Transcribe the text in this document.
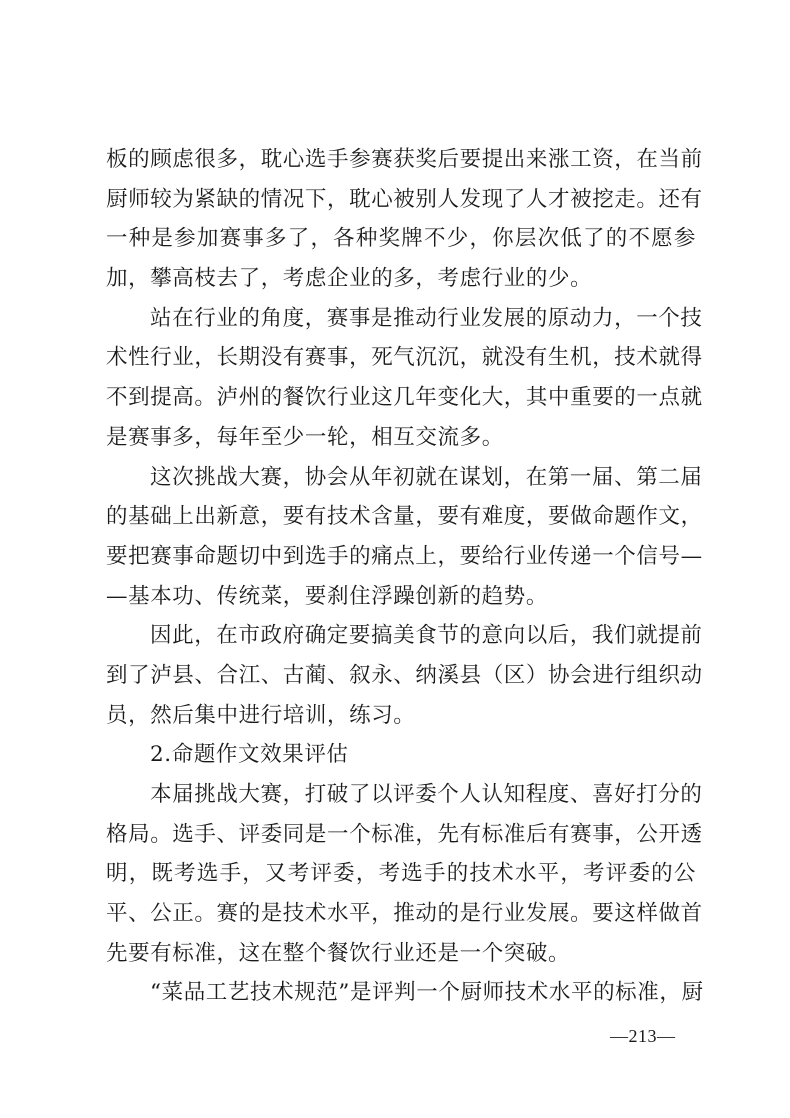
板的顾虑很多，耽心选手参赛获奖后要提出来涨工资，在当前
厨师较为紧缺的情况下，耽心被别人发现了人才被挖走。还有
一种是参加赛事多了，各种奖牌不少，你层次低了的不愿参
加，攀高枝去了，考虑企业的多，考虑行业的少。
站在行业的角度，赛事是推动行业发展的原动力，一个技
术性行业，长期没有赛事，死气沉沉，就没有生机，技术就得
不到提高。泸州的餐饮行业这几年变化大，其中重要的一点就
是赛事多，每年至少一轮，相互交流多。
这次挑战大赛，协会从年初就在谋划，在第一届、第二届
的基础上出新意，要有技术含量，要有难度，要做命题作文，
要把赛事命题切中到选手的痛点上，要给行业传递一个信号—
—基本功、传统菜，要刹住浮躁创新的趋势。
因此，在市政府确定要搞美食节的意向以后，我们就提前
到了泸县、合江、古蔺、叙永、纳溪县（区）协会进行组织动
员，然后集中进行培训，练习。
2.命题作文效果评估
本届挑战大赛，打破了以评委个人认知程度、喜好打分的
格局。选手、评委同是一个标准，先有标准后有赛事，公开透
明，既考选手，又考评委，考选手的技术水平，考评委的公
平、公正。赛的是技术水平，推动的是行业发展。要这样做首
先要有标准，这在整个餐饮行业还是一个突破。
“菜品工艺技术规范”是评判一个厨师技术水平的标准，厨
—213—
